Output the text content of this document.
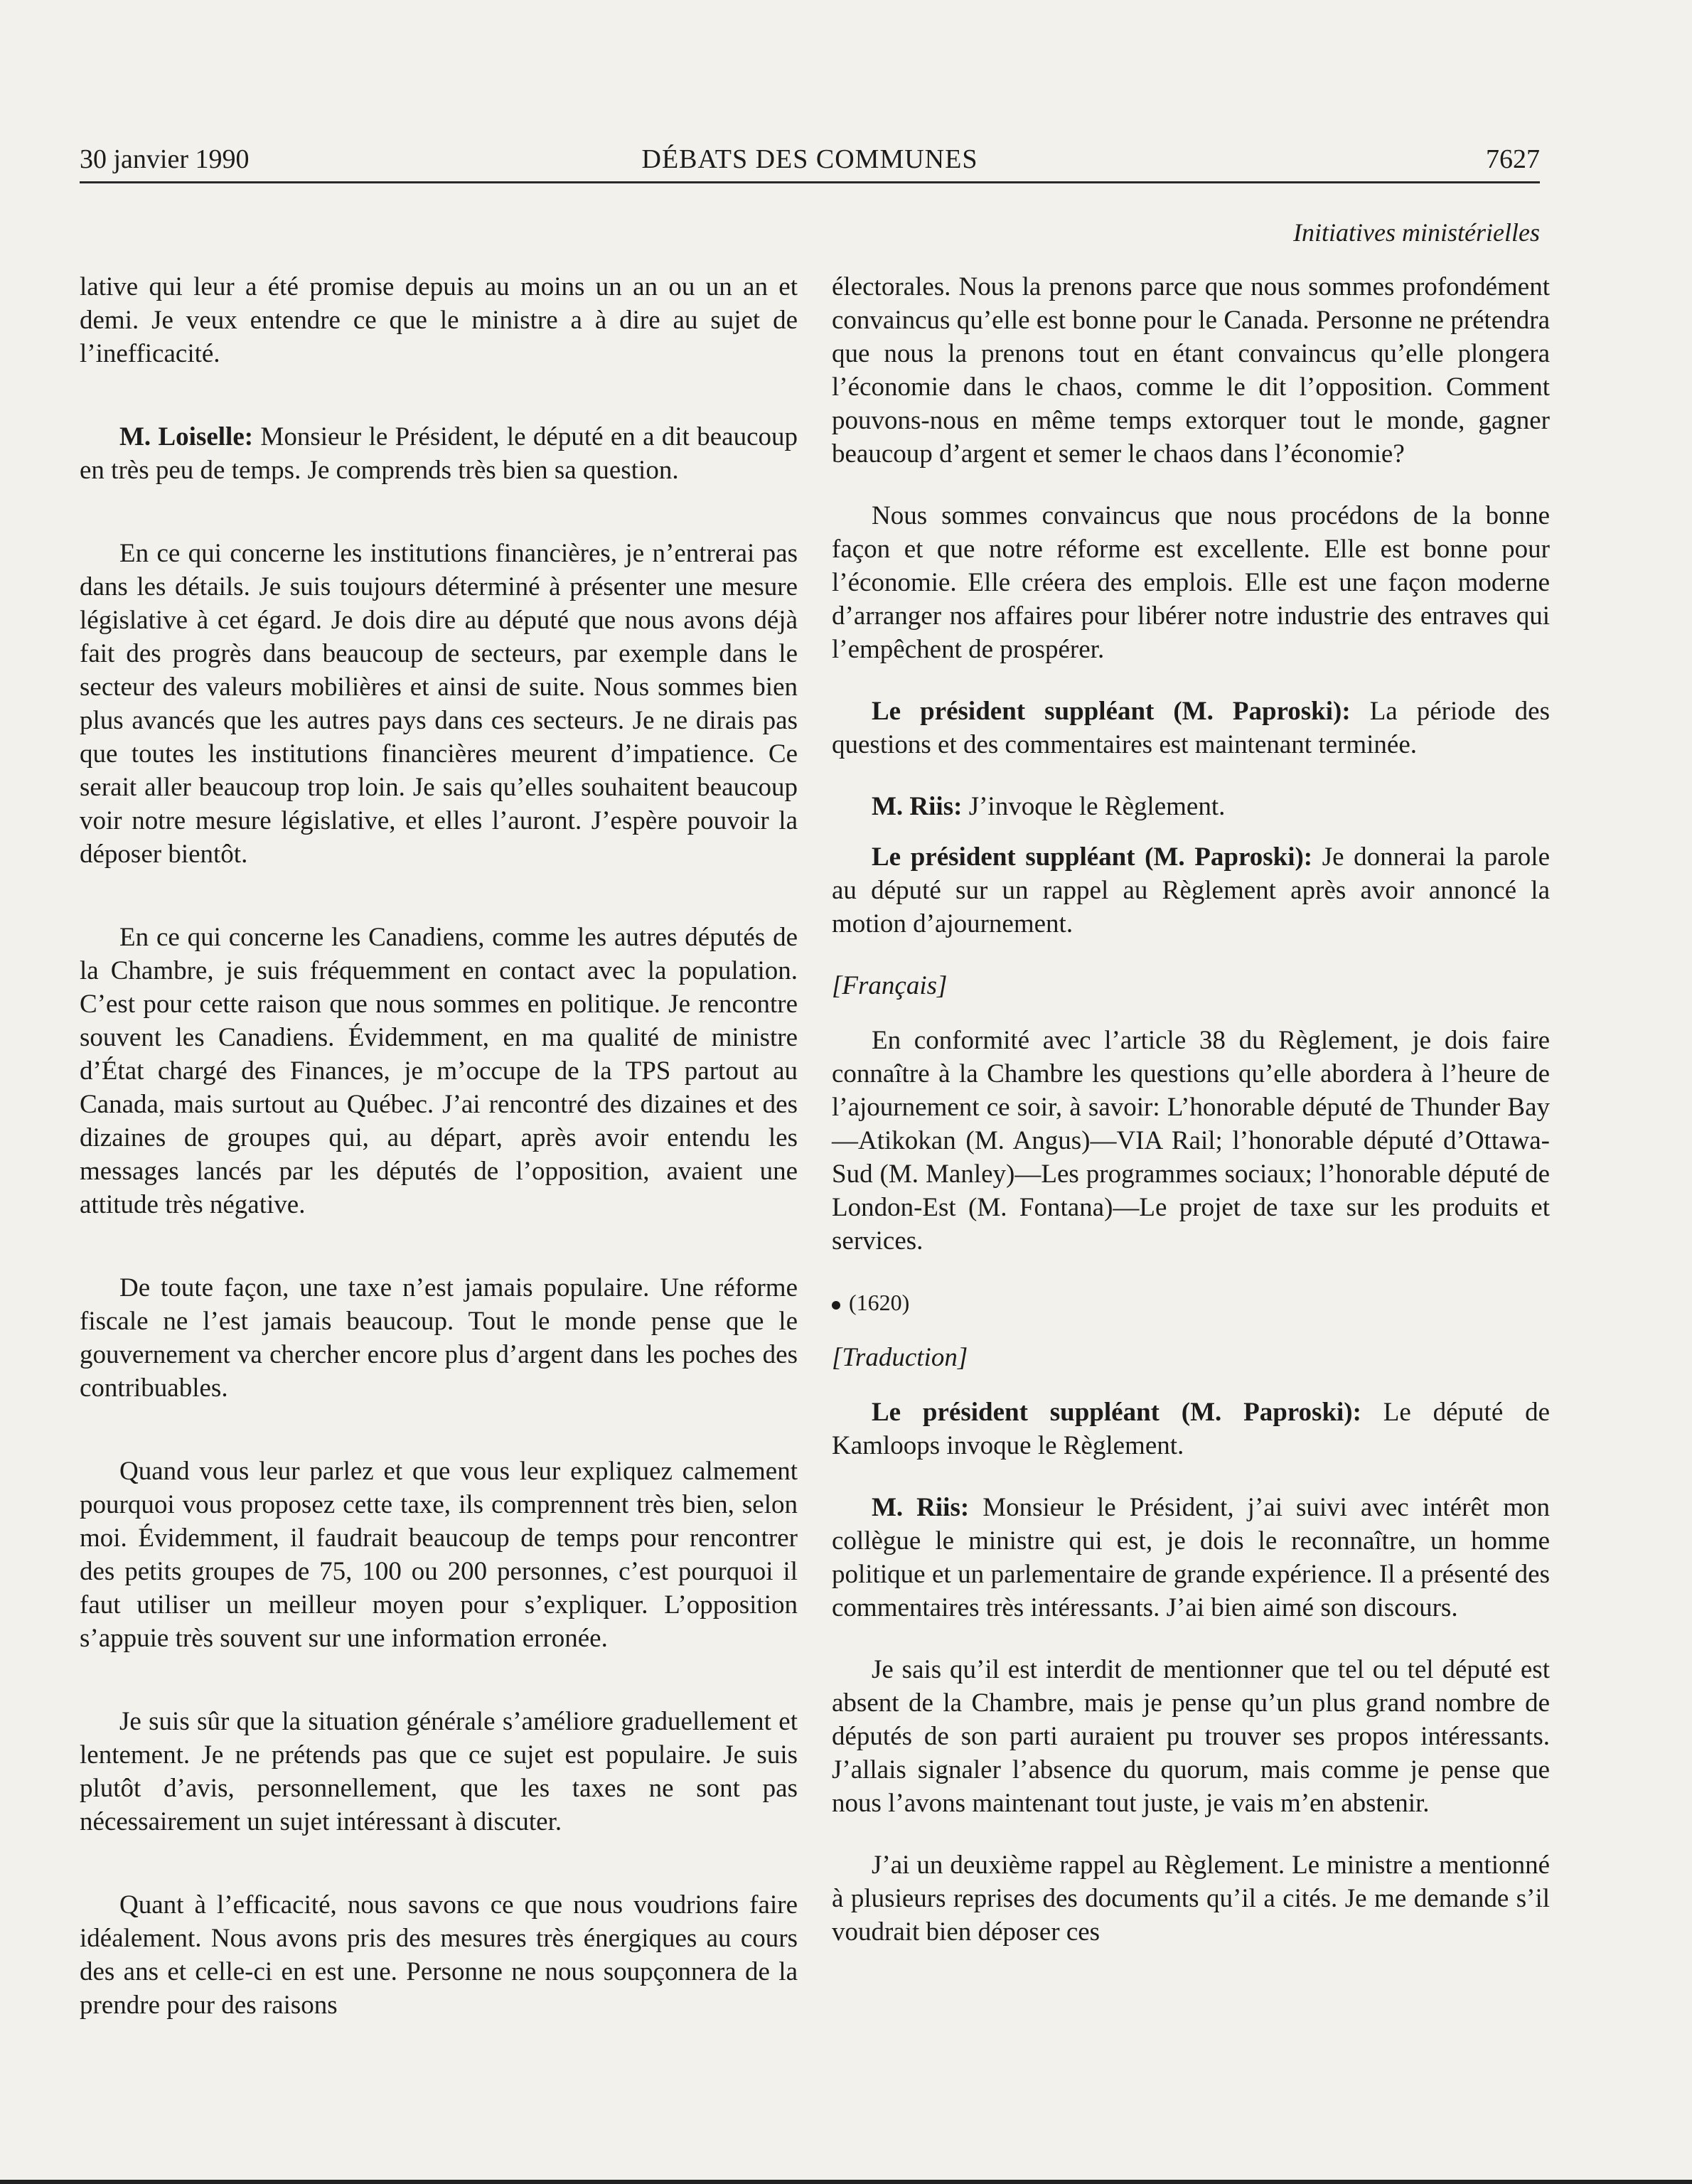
30 janvier 1990	DÉBATS DES COMMUNES	7627
Initiatives ministérielles

lative qui leur a été promise depuis au moins un an ou un an et demi. Je veux entendre ce que le ministre a à dire au sujet de l’inefficacité.

M. Loiselle: Monsieur le Président, le député en a dit beaucoup en très peu de temps. Je comprends très bien sa question.

En ce qui concerne les institutions financières, je n’entrerai pas dans les détails. Je suis toujours déterminé à présenter une mesure législative à cet égard. Je dois dire au député que nous avons déjà fait des progrès dans beaucoup de secteurs, par exemple dans le secteur des valeurs mobilières et ainsi de suite. Nous sommes bien plus avancés que les autres pays dans ces secteurs. Je ne dirais pas que toutes les institutions financières meurent d’impatience. Ce serait aller beaucoup trop loin. Je sais qu’elles souhaitent beaucoup voir notre mesure législative, et elles l’auront. J’espère pouvoir la déposer bientôt.

En ce qui concerne les Canadiens, comme les autres députés de la Chambre, je suis fréquemment en contact avec la population. C’est pour cette raison que nous sommes en politique. Je rencontre souvent les Canadiens. Évidemment, en ma qualité de ministre d’État chargé des Finances, je m’occupe de la TPS partout au Canada, mais surtout au Québec. J’ai rencontré des dizaines et des dizaines de groupes qui, au départ, après avoir entendu les messages lancés par les députés de l’opposition, avaient une attitude très négative.

De toute façon, une taxe n’est jamais populaire. Une réforme fiscale ne l’est jamais beaucoup. Tout le monde pense que le gouvernement va chercher encore plus d’argent dans les poches des contribuables.

Quand vous leur parlez et que vous leur expliquez calmement pourquoi vous proposez cette taxe, ils comprennent très bien, selon moi. Évidemment, il faudrait beaucoup de temps pour rencontrer des petits groupes de 75, 100 ou 200 personnes, c’est pourquoi il faut utiliser un meilleur moyen pour s’expliquer. L’opposition s’appuie très souvent sur une information erronée.

Je suis sûr que la situation générale s’améliore graduellement et lentement. Je ne prétends pas que ce sujet est populaire. Je suis plutôt d’avis, personnellement, que les taxes ne sont pas nécessairement un sujet intéressant à discuter.

Quant à l’efficacité, nous savons ce que nous voudrions faire idéalement. Nous avons pris des mesures très énergiques au cours des ans et celle-ci en est une. Personne ne nous soupçonnera de la prendre pour des raisons

électorales. Nous la prenons parce que nous sommes profondément convaincus qu’elle est bonne pour le Canada. Personne ne prétendra que nous la prenons tout en étant convaincus qu’elle plongera l’économie dans le chaos, comme le dit l’opposition. Comment pouvons-nous en même temps extorquer tout le monde, gagner beaucoup d’argent et semer le chaos dans l’économie?

Nous sommes convaincus que nous procédons de la bonne façon et que notre réforme est excellente. Elle est bonne pour l’économie. Elle créera des emplois. Elle est une façon moderne d’arranger nos affaires pour libérer notre industrie des entraves qui l’empêchent de prospérer.

Le président suppléant (M. Paproski): La période des questions et des commentaires est maintenant terminée.

M. Riis: J’invoque le Règlement.

Le président suppléant (M. Paproski): Je donnerai la parole au député sur un rappel au Règlement après avoir annoncé la motion d’ajournement.

[Français]

En conformité avec l’article 38 du Règlement, je dois faire connaître à la Chambre les questions qu’elle abordera à l’heure de l’ajournement ce soir, à savoir: L’honorable député de Thunder Bay—Atikokan (M. Angus)—VIA Rail; l’honorable député d’Ottawa-Sud (M. Manley)—Les programmes sociaux; l’honorable député de London-Est (M. Fontana)—Le projet de taxe sur les produits et services.

(1620)

[Traduction]

Le président suppléant (M. Paproski): Le député de Kamloops invoque le Règlement.

M. Riis: Monsieur le Président, j’ai suivi avec intérêt mon collègue le ministre qui est, je dois le reconnaître, un homme politique et un parlementaire de grande expérience. Il a présenté des commentaires très intéressants. J’ai bien aimé son discours.

Je sais qu’il est interdit de mentionner que tel ou tel député est absent de la Chambre, mais je pense qu’un plus grand nombre de députés de son parti auraient pu trouver ses propos intéressants. J’allais signaler l’absence du quorum, mais comme je pense que nous l’avons maintenant tout juste, je vais m’en abstenir.

J’ai un deuxième rappel au Règlement. Le ministre a mentionné à plusieurs reprises des documents qu’il a cités. Je me demande s’il voudrait bien déposer ces
